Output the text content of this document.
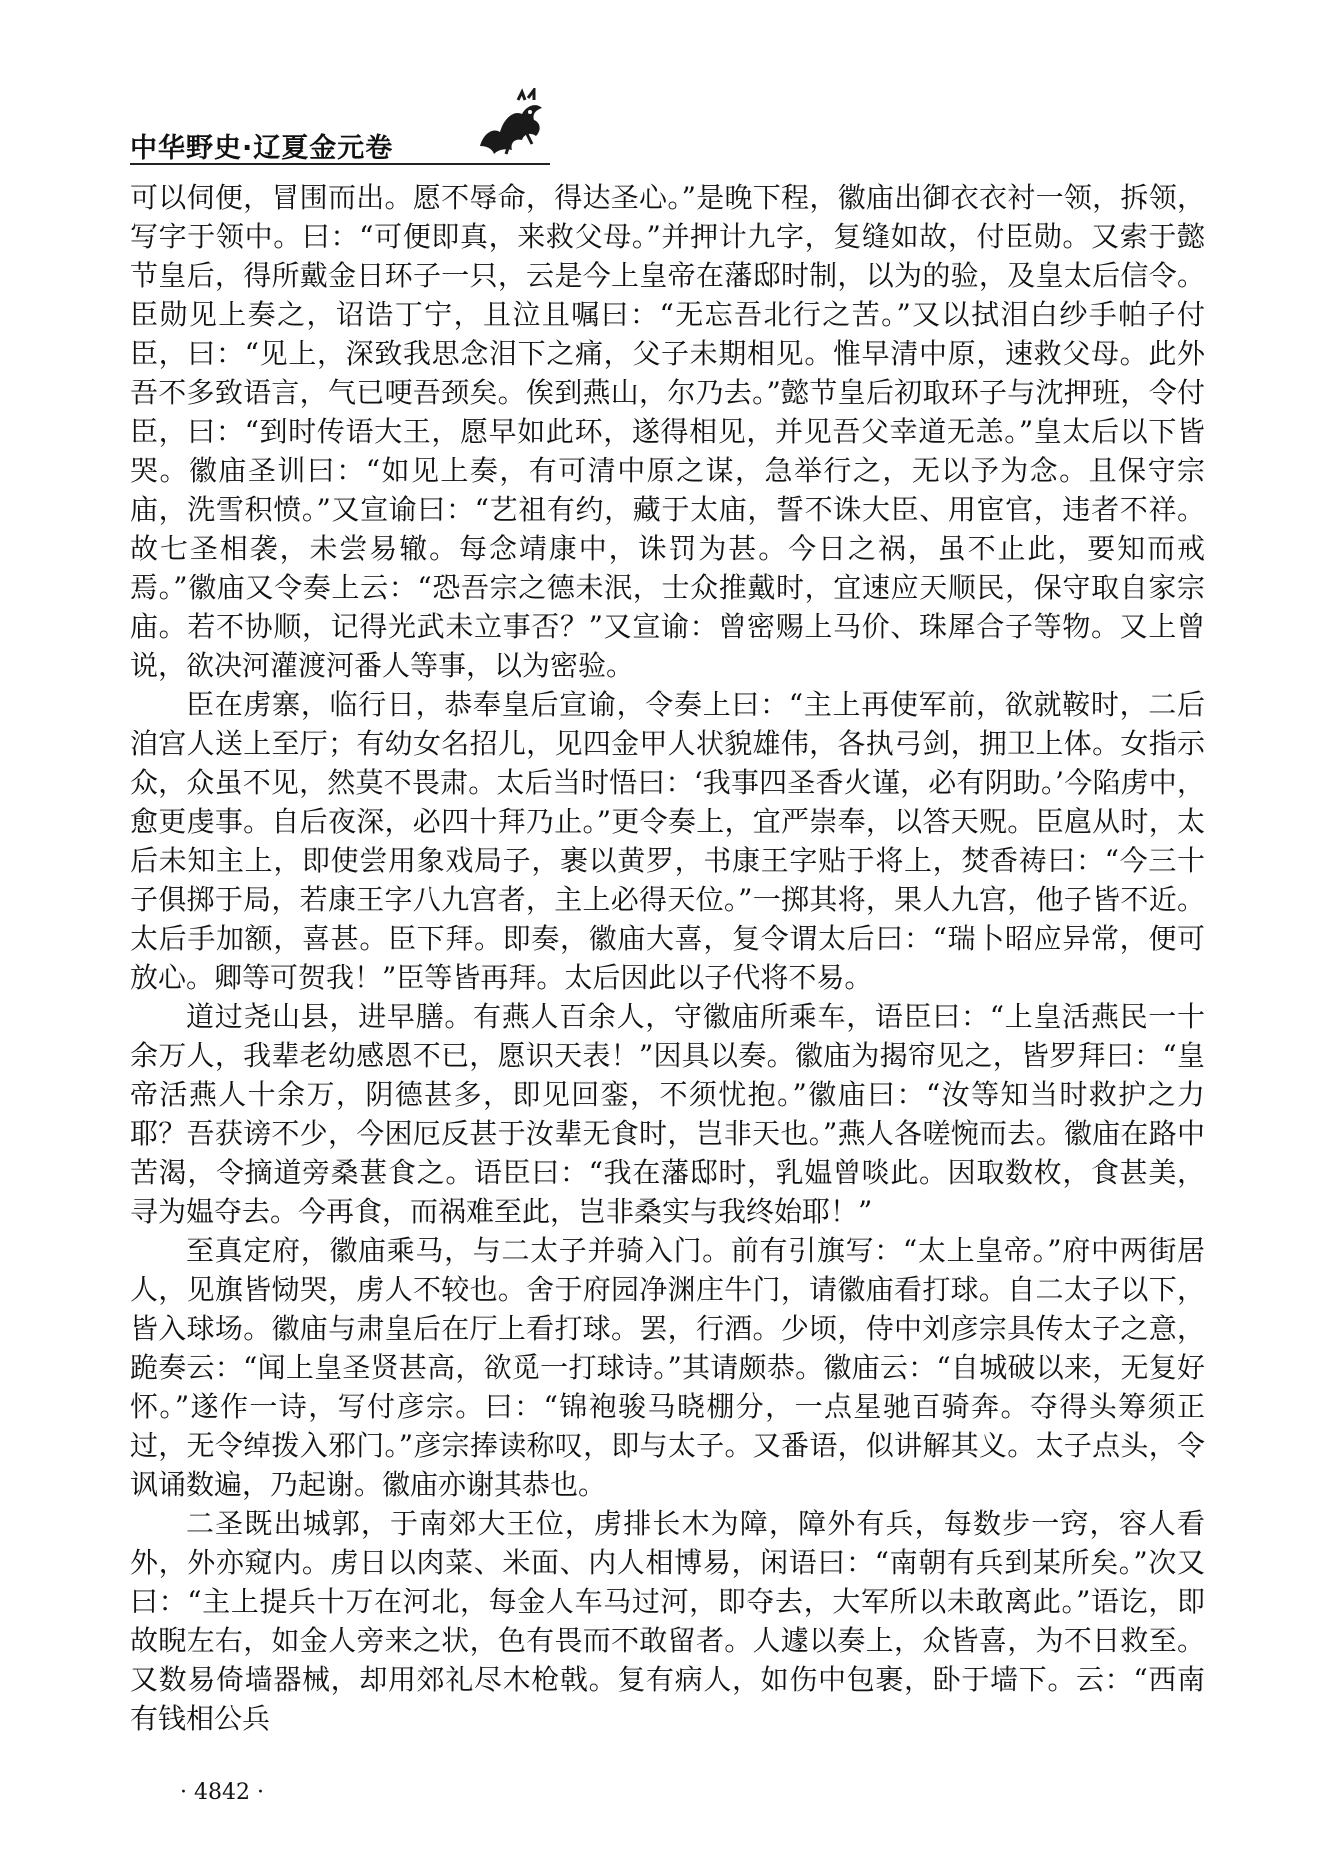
中华野史·辽夏金元卷

可以伺便，冒围而出。愿不辱命，得达圣心。”是晚下程，徽庙出御衣衣衬一领，拆领，写字于领中。曰：“可便即真，来救父母。”并押计九字，复缝如故，付臣勋。又索于懿节皇后，得所戴金日环子一只，云是今上皇帝在藩邸时制，以为的验，及皇太后信令。臣勋见上奏之，诏诰丁宁，且泣且嘱曰：“无忘吾北行之苦。”又以拭泪白纱手帕子付臣，曰：“见上，深致我思念泪下之痛，父子未期相见。惟早清中原，速救父母。此外吾不多致语言，气已哽吾颈矣。俟到燕山，尔乃去。”懿节皇后初取环子与沈押班，令付臣，曰：“到时传语大王，愿早如此环，遂得相见，并见吾父幸道无恙。”皇太后以下皆哭。徽庙圣训曰：“如见上奏，有可清中原之谋，急举行之，无以予为念。且保守宗庙，洗雪积愤。”又宣谕曰：“艺祖有约，藏于太庙，誓不诛大臣、用宦官，违者不祥。故七圣相袭，未尝易辙。每念靖康中，诛罚为甚。今日之祸，虽不止此，要知而戒焉。”徽庙又令奏上云：“恐吾宗之德未泯，士众推戴时，宜速应天顺民，保守取自家宗庙。若不协顺，记得光武未立事否？”又宣谕：曾密赐上马价、珠犀合子等物。又上曾说，欲决河灌渡河番人等事，以为密验。

臣在虏寨，临行日，恭奉皇后宣谕，令奏上曰：“主上再使军前，欲就鞍时，二后洎宫人送上至厅；有幼女名招儿，见四金甲人状貌雄伟，各执弓剑，拥卫上体。女指示众，众虽不见，然莫不畏肃。太后当时悟曰：‘我事四圣香火谨，必有阴助。’今陷虏中，愈更虔事。自后夜深，必四十拜乃止。”更令奏上，宜严崇奉，以答天贶。臣扈从时，太后未知主上，即使尝用象戏局子，裹以黄罗，书康王字贴于将上，焚香祷曰：“今三十子俱掷于局，若康王字八九宫者，主上必得天位。”一掷其将，果人九宫，他子皆不近。太后手加额，喜甚。臣下拜。即奏，徽庙大喜，复令谓太后曰：“瑞卜昭应异常，便可放心。卿等可贺我！”臣等皆再拜。太后因此以子代将不易。

道过尧山县，进早膳。有燕人百余人，守徽庙所乘车，语臣曰：“上皇活燕民一十余万人，我辈老幼感恩不已，愿识天表！”因具以奏。徽庙为揭帘见之，皆罗拜曰：“皇帝活燕人十余万，阴德甚多，即见回銮，不须忧抱。”徽庙曰：“汝等知当时救护之力耶？吾获谤不少，今困厄反甚于汝辈无食时，岂非天也。”燕人各嗟惋而去。徽庙在路中苦渴，令摘道旁桑葚食之。语臣曰：“我在藩邸时，乳媪曾啖此。因取数枚，食甚美，寻为媪夺去。今再食，而祸难至此，岂非桑实与我终始耶！”

至真定府，徽庙乘马，与二太子并骑入门。前有引旗写：“太上皇帝。”府中两街居人，见旗皆恸哭，虏人不较也。舍于府园净渊庄牛门，请徽庙看打球。自二太子以下，皆入球场。徽庙与肃皇后在厅上看打球。罢，行酒。少顷，侍中刘彦宗具传太子之意，跪奏云：“闻上皇圣贤甚高，欲觅一打球诗。”其请颇恭。徽庙云：“自城破以来，无复好怀。”遂作一诗，写付彦宗。曰：“锦袍骏马晓棚分，一点星驰百骑奔。夺得头筹须正过，无令绰拨入邪门。”彦宗捧读称叹，即与太子。又番语，似讲解其义。太子点头，令讽诵数遍，乃起谢。徽庙亦谢其恭也。

二圣既出城郭，于南郊大王位，虏排长木为障，障外有兵，每数步一窍，容人看外，外亦窥内。虏日以肉菜、米面、内人相博易，闲语曰：“南朝有兵到某所矣。”次又曰：“主上提兵十万在河北，每金人车马过河，即夺去，大军所以未敢离此。”语讫，即故睨左右，如金人旁来之状，色有畏而不敢留者。人遽以奏上，众皆喜，为不日救至。又数易倚墙器械，却用郊礼尽木枪戟。复有病人，如伤中包裹，卧于墙下。云：“西南有钱相公兵

· 4842 ·
